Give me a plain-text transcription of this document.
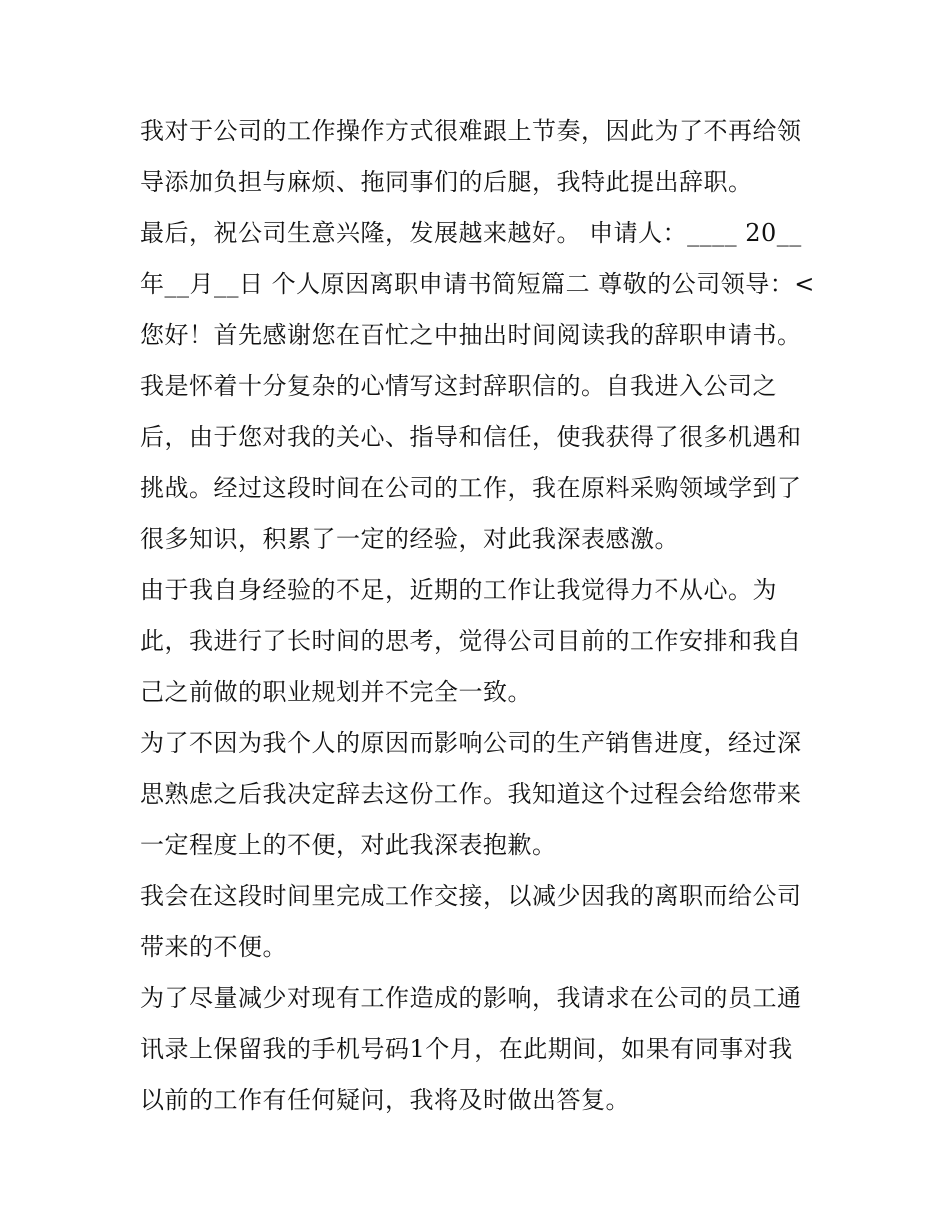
我对于公司的工作操作方式很难跟上节奏，因此为了不再给领
导添加负担与麻烦、拖同事们的后腿，我特此提出辞职。
最后，祝公司生意兴隆，发展越来越好。 申请人：____ 20__
年__月__日 个人原因离职申请书简短篇二 尊敬的公司领导：<
您好！首先感谢您在百忙之中抽出时间阅读我的辞职申请书。
我是怀着十分复杂的心情写这封辞职信的。自我进入公司之
后，由于您对我的关心、指导和信任，使我获得了很多机遇和
挑战。经过这段时间在公司的工作，我在原料采购领域学到了
很多知识，积累了一定的经验，对此我深表感激。
由于我自身经验的不足，近期的工作让我觉得力不从心。为
此，我进行了长时间的思考，觉得公司目前的工作安排和我自
己之前做的职业规划并不完全一致。
为了不因为我个人的原因而影响公司的生产销售进度，经过深
思熟虑之后我决定辞去这份工作。我知道这个过程会给您带来
一定程度上的不便，对此我深表抱歉。
我会在这段时间里完成工作交接，以减少因我的离职而给公司
带来的不便。
为了尽量减少对现有工作造成的影响，我请求在公司的员工通
讯录上保留我的手机号码1个月，在此期间，如果有同事对我
以前的工作有任何疑问，我将及时做出答复。
